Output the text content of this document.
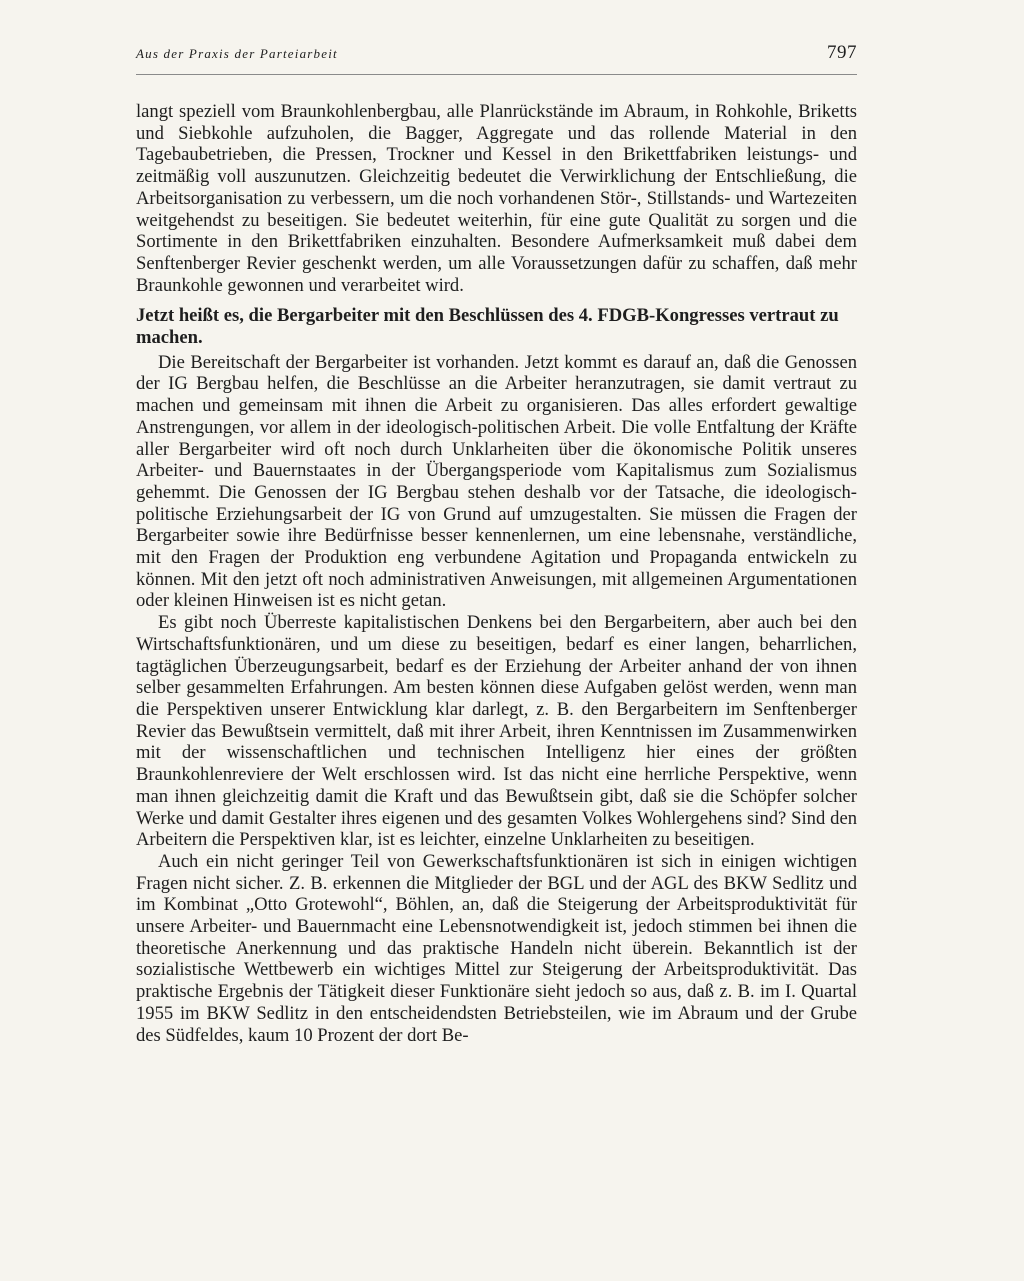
Aus der Praxis der Parteiarbeit	797

langt speziell vom Braunkohlenbergbau, alle Planrückstände im Abraum, in Rohkohle, Briketts und Siebkohle aufzuholen, die Bagger, Aggregate und das rollende Material in den Tagebaubetrieben, die Pressen, Trockner und Kessel in den Brikettfabriken leistungs- und zeitmäßig voll auszunutzen. Gleichzeitig bedeutet die Verwirklichung der Entschließung, die Arbeitsorganisation zu verbessern, um die noch vorhandenen Stör-, Stillstands- und Wartezeiten weitgehendst zu beseitigen. Sie bedeutet weiterhin, für eine gute Qualität zu sorgen und die Sortimente in den Brikettfabriken einzuhalten. Besondere Aufmerksamkeit muß dabei dem Senftenberger Revier geschenkt werden, um alle Voraussetzungen dafür zu schaffen, daß mehr Braunkohle gewonnen und verarbeitet wird.

Jetzt heißt es, die Bergarbeiter mit den Beschlüssen des 4. FDGB-Kongresses vertraut zu machen.

Die Bereitschaft der Bergarbeiter ist vorhanden. Jetzt kommt es darauf an, daß die Genossen der IG Bergbau helfen, die Beschlüsse an die Arbeiter heranzutragen, sie damit vertraut zu machen und gemeinsam mit ihnen die Arbeit zu organisieren. Das alles erfordert gewaltige Anstrengungen, vor allem in der ideologisch-politischen Arbeit. Die volle Entfaltung der Kräfte aller Bergarbeiter wird oft noch durch Unklarheiten über die ökonomische Politik unseres Arbeiter- und Bauernstaates in der Übergangsperiode vom Kapitalismus zum Sozialismus gehemmt. Die Genossen der IG Bergbau stehen deshalb vor der Tatsache, die ideologisch-politische Erziehungsarbeit der IG von Grund auf umzugestalten. Sie müssen die Fragen der Bergarbeiter sowie ihre Bedürfnisse besser kennenlernen, um eine lebensnahe, verständliche, mit den Fragen der Produktion eng verbundene Agitation und Propaganda entwickeln zu können. Mit den jetzt oft noch administrativen Anweisungen, mit allgemeinen Argumentationen oder kleinen Hinweisen ist es nicht getan.

Es gibt noch Überreste kapitalistischen Denkens bei den Bergarbeitern, aber auch bei den Wirtschaftsfunktionären, und um diese zu beseitigen, bedarf es einer langen, beharrlichen, tagtäglichen Überzeugungsarbeit, bedarf es der Erziehung der Arbeiter anhand der von ihnen selber gesammelten Erfahrungen. Am besten können diese Aufgaben gelöst werden, wenn man die Perspektiven unserer Entwicklung klar darlegt, z. B. den Bergarbeitern im Senftenberger Revier das Bewußtsein vermittelt, daß mit ihrer Arbeit, ihren Kenntnissen im Zusammenwirken mit der wissenschaftlichen und technischen Intelligenz hier eines der größten Braunkohlenreviere der Welt erschlossen wird. Ist das nicht eine herrliche Perspektive, wenn man ihnen gleichzeitig damit die Kraft und das Bewußtsein gibt, daß sie die Schöpfer solcher Werke und damit Gestalter ihres eigenen und des gesamten Volkes Wohlergehens sind? Sind den Arbeitern die Perspektiven klar, ist es leichter, einzelne Unklarheiten zu beseitigen.

Auch ein nicht geringer Teil von Gewerkschaftsfunktionären ist sich in einigen wichtigen Fragen nicht sicher. Z. B. erkennen die Mitglieder der BGL und der AGL des BKW Sedlitz und im Kombinat „Otto Grotewohl“, Böhlen, an, daß die Steigerung der Arbeitsproduktivität für unsere Arbeiter- und Bauernmacht eine Lebensnotwendigkeit ist, jedoch stimmen bei ihnen die theoretische Anerkennung und das praktische Handeln nicht überein. Bekanntlich ist der sozialistische Wettbewerb ein wichtiges Mittel zur Steigerung der Arbeitsproduktivität. Das praktische Ergebnis der Tätigkeit dieser Funktionäre sieht jedoch so aus, daß z. B. im I. Quartal 1955 im BKW Sedlitz in den entscheidendsten Betriebsteilen, wie im Abraum und der Grube des Südfeldes, kaum 10 Prozent der dort Be-
